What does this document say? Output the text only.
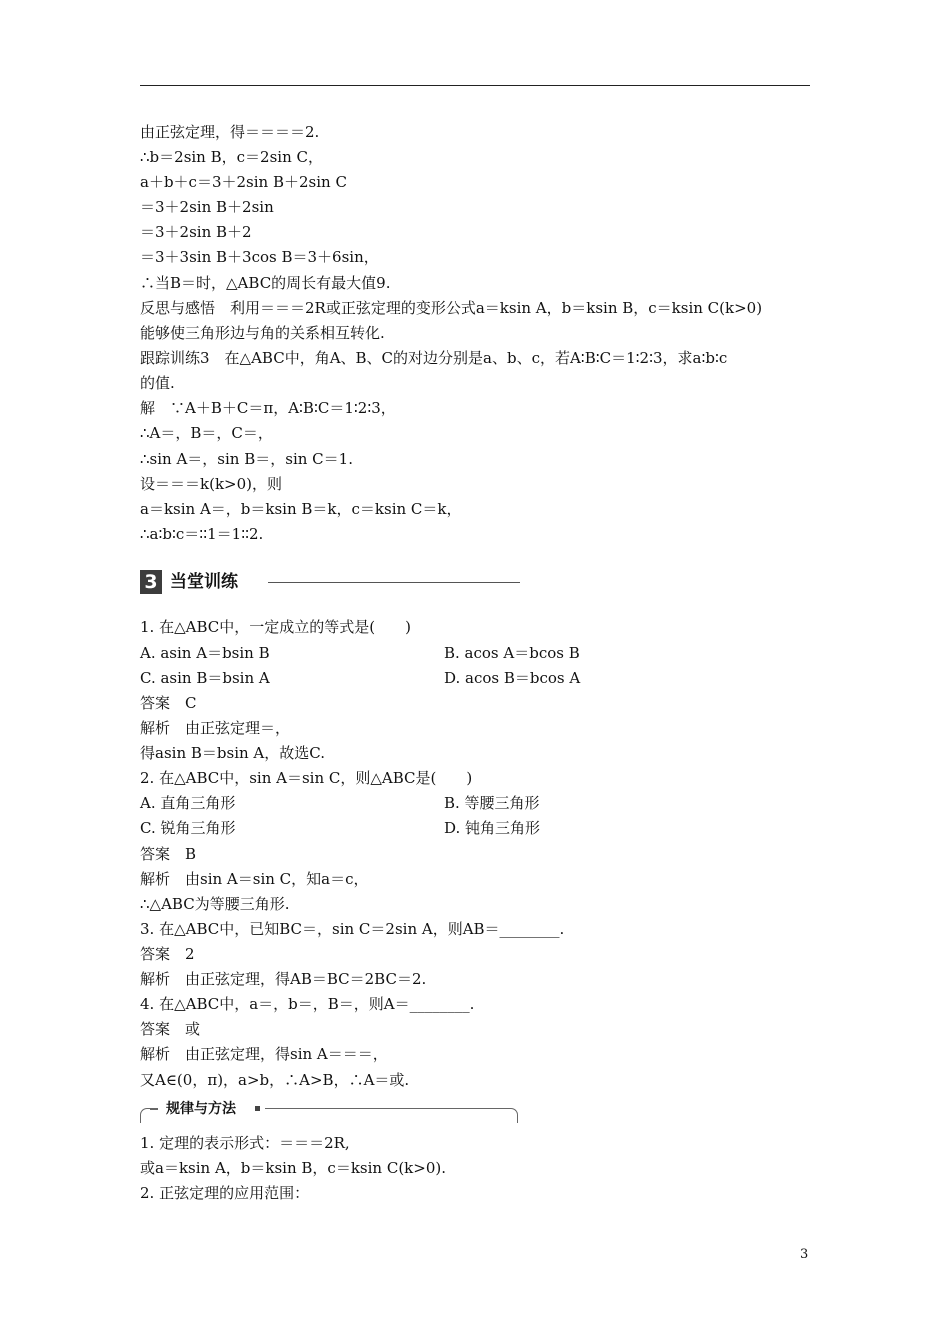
由正弦定理，得＝＝＝＝2.
∴b＝2sin B，c＝2sin C，
a＋b＋c＝3＋2sin B＋2sin C
＝3＋2sin B＋2sin
＝3＋2sin B＋2
＝3＋3sin B＋3cos B＝3＋6sin，
∴当B＝时，△ABC的周长有最大值9.
反思与感悟　利用＝＝＝2R或正弦定理的变形公式a＝ksin A，b＝ksin B，c＝ksin C(k>0)
能够使三角形边与角的关系相互转化.
跟踪训练3　在△ABC中，角A、B、C的对边分别是a、b、c，若A∶B∶C＝1∶2∶3，求a∶b∶c
的值.
解　∵A＋B＋C＝π，A∶B∶C＝1∶2∶3，
∴A＝，B＝，C＝，
∴sin A＝，sin B＝，sin C＝1.
设＝＝＝k(k>0)，则
a＝ksin A＝，b＝ksin B＝k，c＝ksin C＝k，
∴a∶b∶c＝∶∶1＝1∶∶2.
3 当堂训练
1. 在△ABC中，一定成立的等式是(　　)
A. asin A＝bsin B	B. acos A＝bcos B
C. asin B＝bsin A	D. acos B＝bcos A
答案　C
解析　由正弦定理＝，
得asin B＝bsin A，故选C.
2. 在△ABC中，sin A＝sin C，则△ABC是(　　)
A. 直角三角形	B. 等腰三角形
C. 锐角三角形	D. 钝角三角形
答案　B
解析　由sin A＝sin C，知a＝c，
∴△ABC为等腰三角形.
3. 在△ABC中，已知BC＝，sin C＝2sin A，则AB＝________.
答案　2
解析　由正弦定理，得AB＝BC＝2BC＝2.
4. 在△ABC中，a＝，b＝，B＝，则A＝________.
答案　或
解析　由正弦定理，得sin A＝＝＝，
又A∈(0，π)，a>b，∴A>B，∴A＝或.
规律与方法
1. 定理的表示形式：＝＝＝2R,
或a＝ksin A，b＝ksin B，c＝ksin C(k>0).
2. 正弦定理的应用范围：
3
